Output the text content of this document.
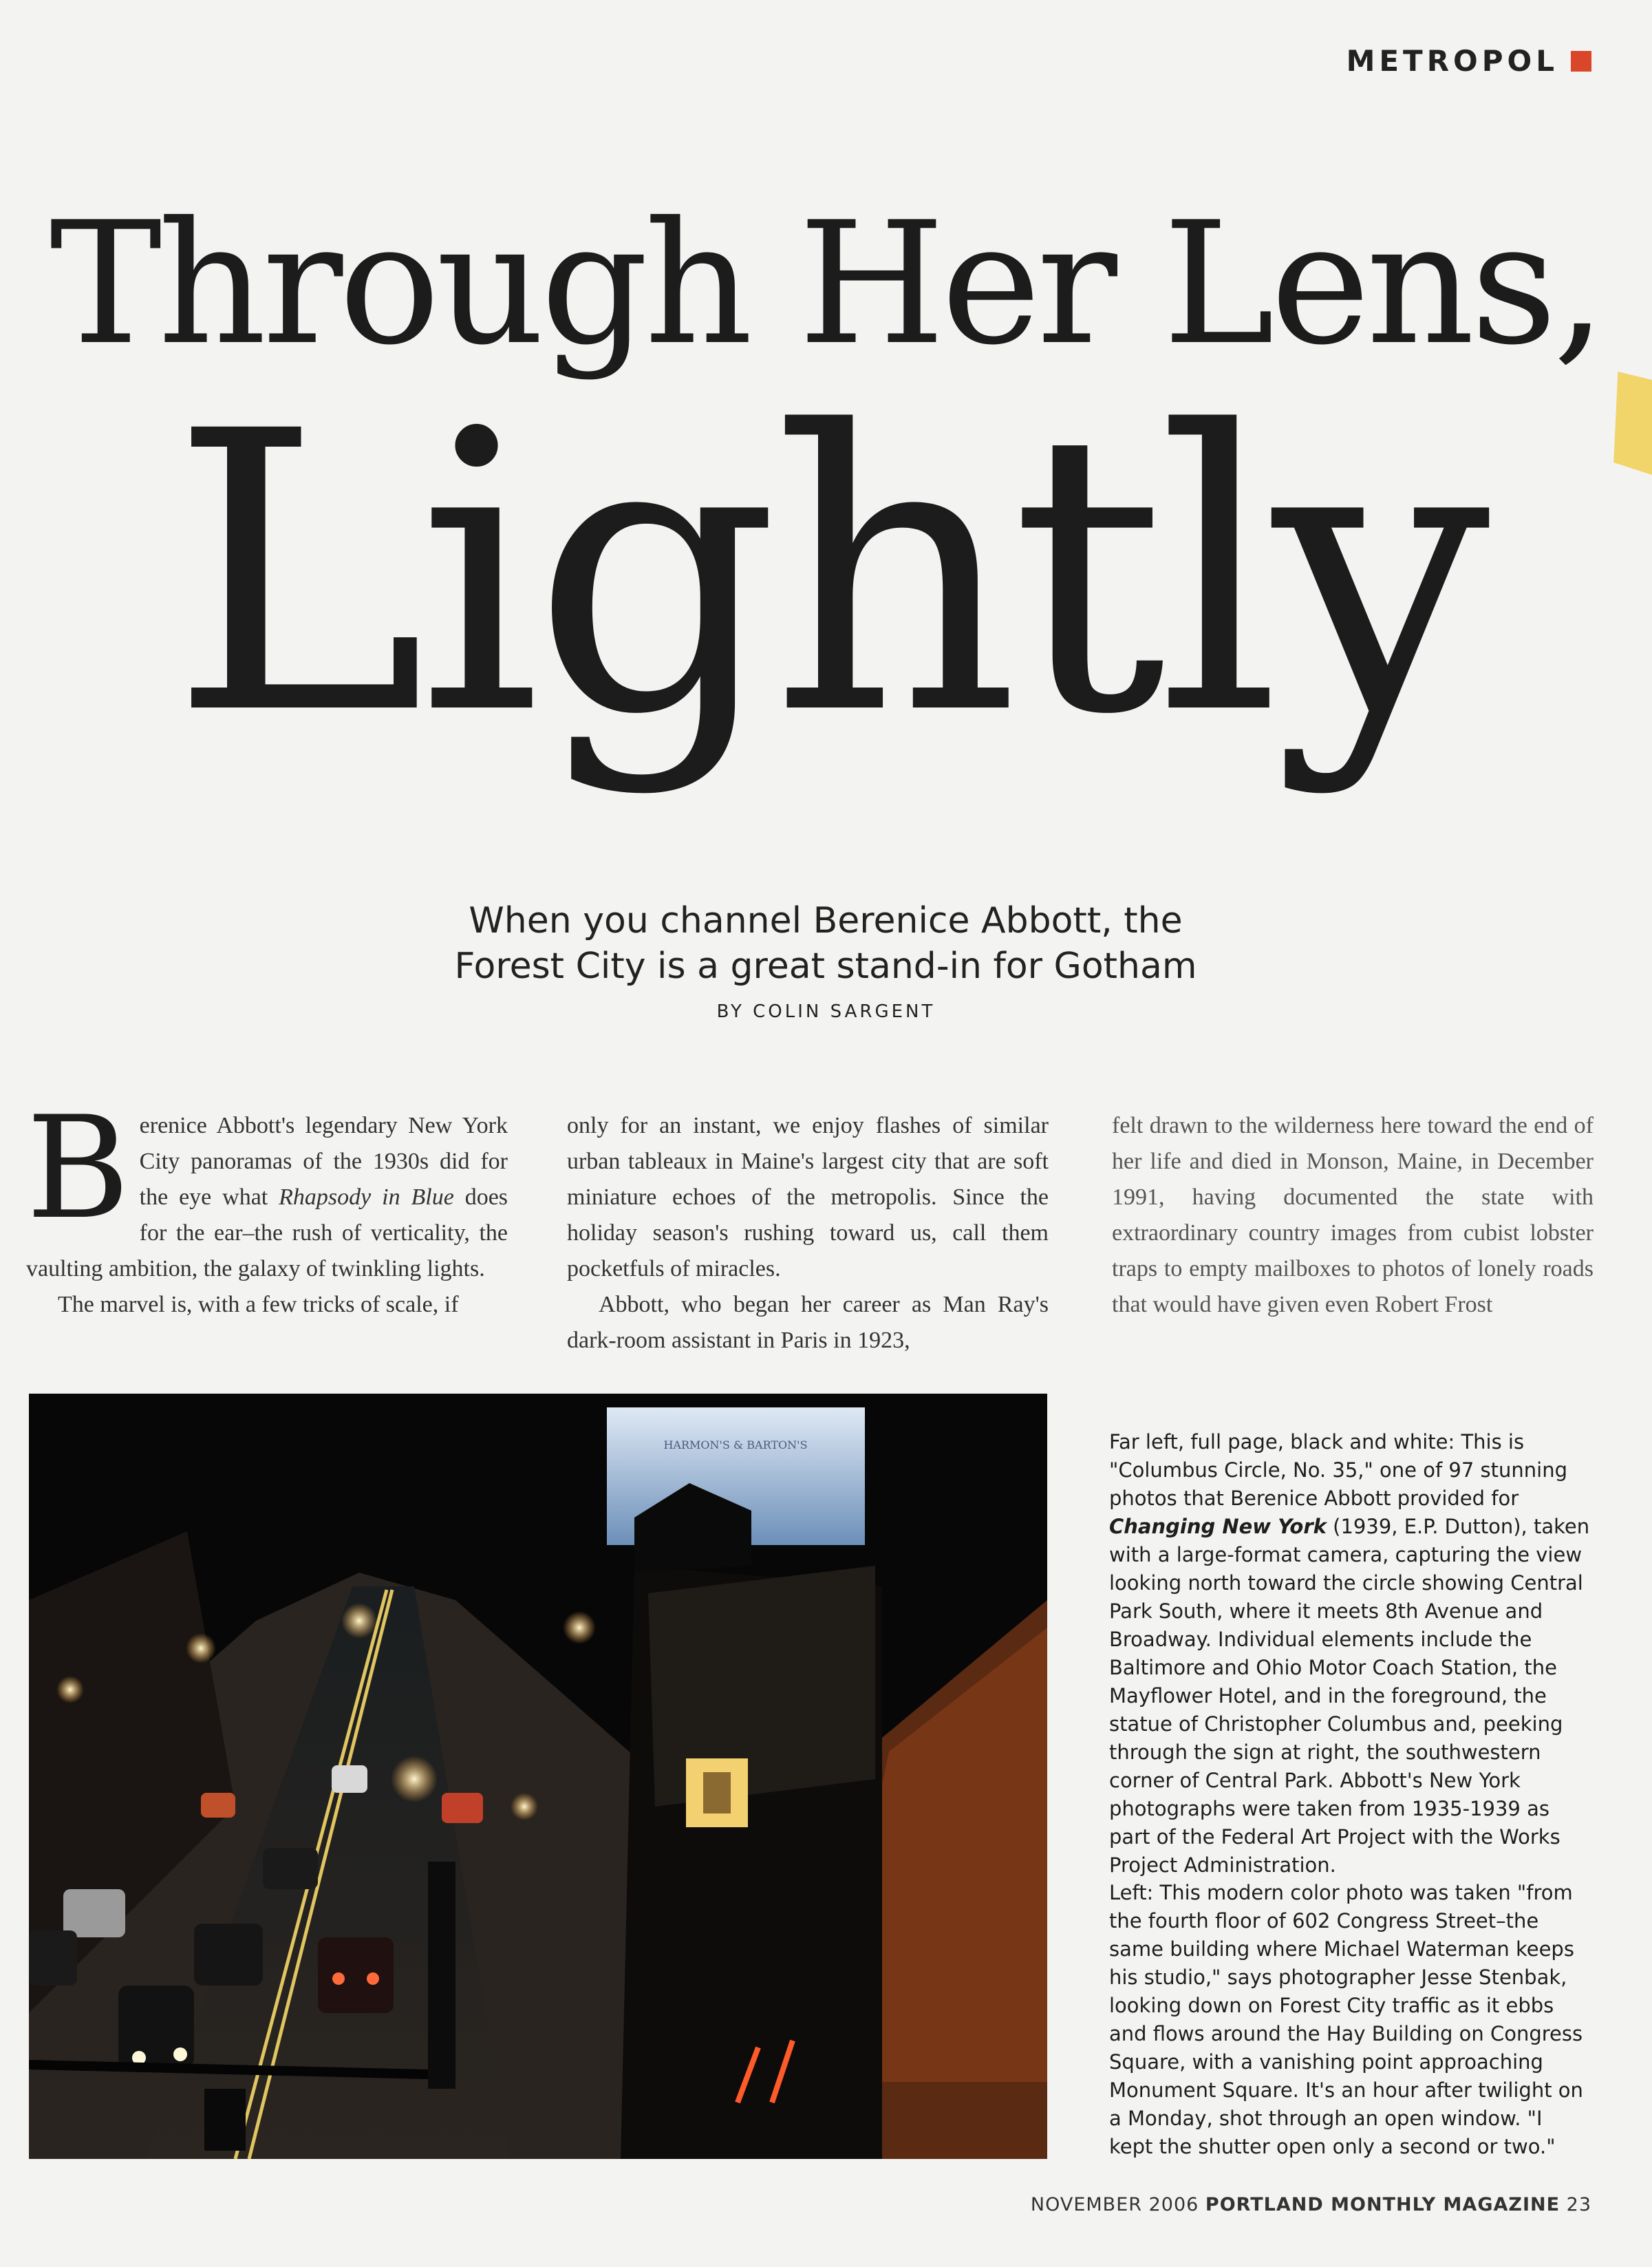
METROPOL
Through Her Lens,
Lightly
When you channel Berenice Abbott, the
Forest City is a great stand-in for Gotham
BY COLIN SARGENT

Berenice Abbott's legendary New York City panoramas of the 1930s did for the eye what Rhapsody in Blue does for the ear–the rush of verticality, the vaulting ambition, the galaxy of twinkling lights.

The marvel is, with a few tricks of scale, if

only for an instant, we enjoy flashes of similar urban tableaux in Maine's largest city that are soft miniature echoes of the metropolis. Since the holiday season's rushing toward us, call them pocketfuls of miracles.

Abbott, who began her career as Man Ray's dark-room assistant in Paris in 1923,

felt drawn to the wilderness here toward the end of her life and died in Monson, Maine, in December 1991, having documented the state with extraordinary country images from cubist lobster traps to empty mailboxes to photos of lonely roads that would have given even Robert Frost

HARMON'S & BARTON'S	Far left, full page, black and white: This is "Columbus Circle, No. 35," one of 97 stunning photos that Berenice Abbott provided for Changing New York (1939, E.P. Dutton), taken with a large-format camera, capturing the view looking north toward the circle showing Central Park South, where it meets 8th Avenue and Broadway. Individual elements include the Baltimore and Ohio Motor Coach Station, the Mayflower Hotel, and in the foreground, the statue of Christopher Columbus and, peeking through the sign at right, the southwestern corner of Central Park. Abbott's New York photographs were taken from 1935-1939 as part of the Federal Art Project with the Works Project Administration.

Left: This modern color photo was taken "from the fourth floor of 602 Congress Street–the same building where Michael Waterman keeps his studio," says photographer Jesse Stenbak, looking down on Forest City traffic as it ebbs and flows around the Hay Building on Congress Square, with a vanishing point approaching Monument Square. It's an hour after twilight on a Monday, shot through an open window. "I kept the shutter open only a second or two."

NOVEMBER 2006 PORTLAND MONTHLY MAGAZINE 23
